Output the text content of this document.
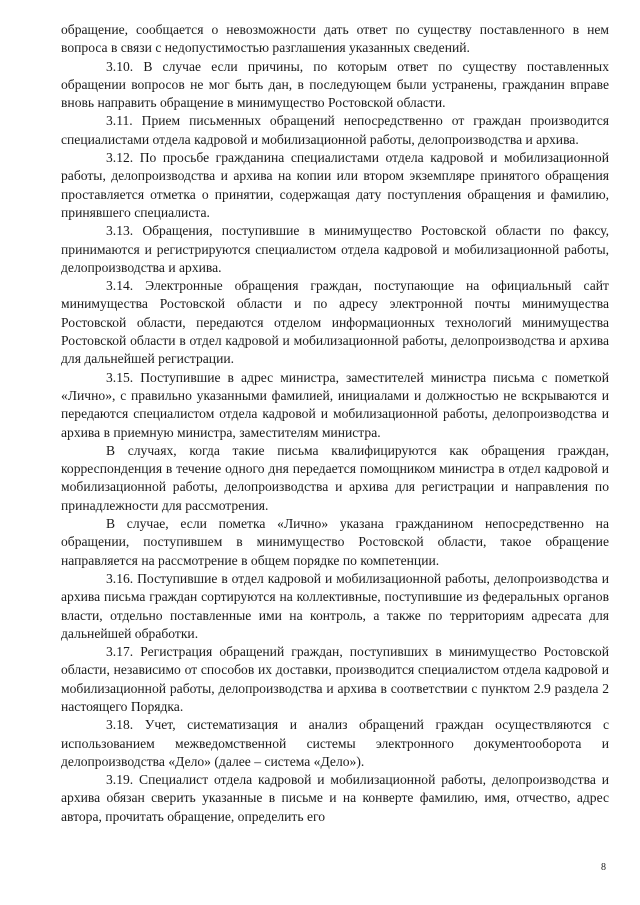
обращение, сообщается о невозможности дать ответ по существу поставленного в нем вопроса в связи с недопустимостью разглашения указанных сведений.

3.10. В случае если причины, по которым ответ по существу поставленных обращении вопросов не мог быть дан, в последующем были устранены, гражданин вправе вновь направить обращение в минимущество Ростовской области.

3.11. Прием письменных обращений непосредственно от граждан производится специалистами отдела кадровой и мобилизационной работы, делопроизводства и архива.

3.12. По просьбе гражданина специалистами отдела кадровой и мобилизационной работы, делопроизводства и архива на копии или втором экземпляре принятого обращения проставляется отметка о принятии, содержащая дату поступления обращения и фамилию, принявшего специалиста.

3.13. Обращения, поступившие в минимущество Ростовской области по факсу, принимаются и регистрируются специалистом отдела кадровой и мобилизационной работы, делопроизводства и архива.

3.14. Электронные обращения граждан, поступающие на официальный сайт минимущества Ростовской области и по адресу электронной почты минимущества Ростовской области, передаются отделом информационных технологий минимущества Ростовской области в отдел кадровой и мобилизационной работы, делопроизводства и архива для дальнейшей регистрации.

3.15. Поступившие в адрес министра, заместителей министра письма с пометкой «Лично», с правильно указанными фамилией, инициалами и должностью не вскрываются и передаются специалистом отдела кадровой и мобилизационной работы, делопроизводства и архива в приемную министра, заместителям министра.

В случаях, когда такие письма квалифицируются как обращения граждан, корреспонденция в течение одного дня передается помощником министра в отдел кадровой и мобилизационной работы, делопроизводства и архива для регистрации и направления по принадлежности для рассмотрения.

В случае, если пометка «Лично» указана гражданином непосредственно на обращении, поступившем в минимущество Ростовской области, такое обращение направляется на рассмотрение в общем порядке по компетенции.

3.16. Поступившие в отдел кадровой и мобилизационной работы, делопроизводства и архива письма граждан сортируются на коллективные, поступившие из федеральных органов власти, отдельно поставленные ими на контроль, а также по территориям адресата для дальнейшей обработки.

3.17. Регистрация обращений граждан, поступивших в минимущество Ростовской области, независимо от способов их доставки, производится специалистом отдела кадровой и мобилизационной работы, делопроизводства и архива в соответствии с пунктом 2.9 раздела 2 настоящего Порядка.

3.18. Учет, систематизация и анализ обращений граждан осуществляются с использованием межведомственной системы электронного документооборота и делопроизводства «Дело» (далее – система «Дело»).

3.19. Специалист отдела кадровой и мобилизационной работы, делопроизводства и архива обязан сверить указанные в письме и на конверте фамилию, имя, отчество, адрес автора, прочитать обращение, определить его

8
